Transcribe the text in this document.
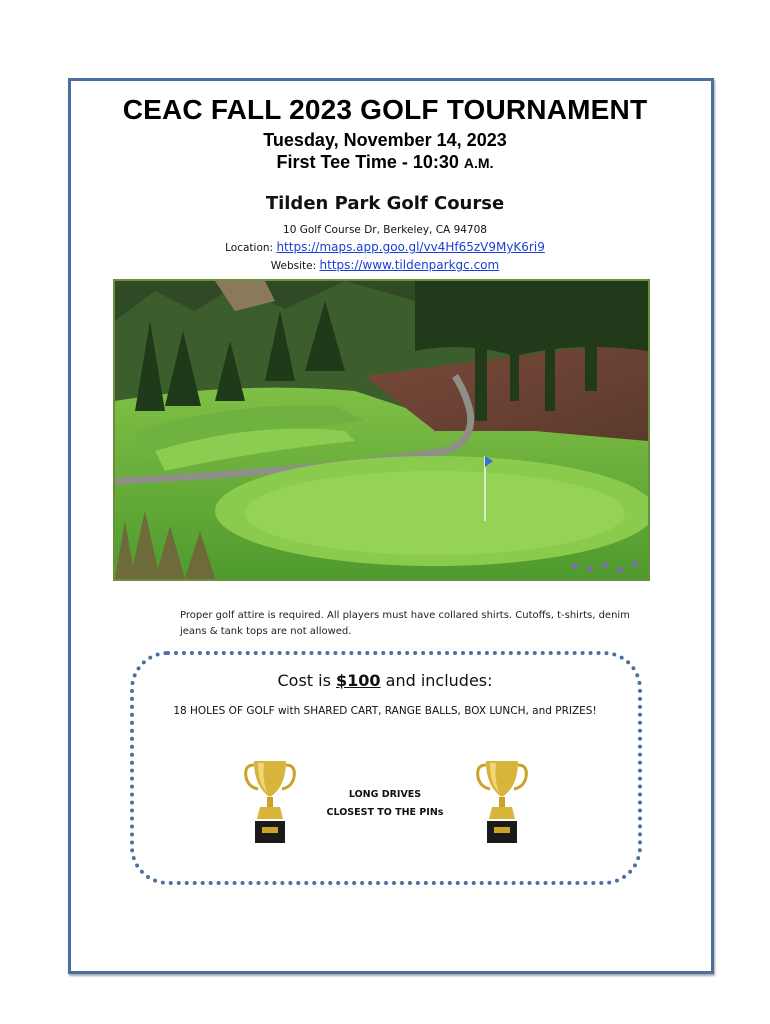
CEAC FALL 2023 GOLF TOURNAMENT
Tuesday, November 14, 2023
First Tee Time - 10:30 A.M.
Tilden Park Golf Course
10 Golf Course Dr, Berkeley, CA 94708
Location: https://maps.app.goo.gl/vv4Hf65zV9MyK6ri9
Website: https://www.tildenparkgc.com
Proper golf attire is required. All players must have collared shirts. Cutoffs, t-shirts, denim jeans & tank tops are not allowed.
Cost is $100 and includes:
18 HOLES OF GOLF with SHARED CART, RANGE BALLS, BOX LUNCH, and PRIZES!
LONG DRIVES
CLOSEST TO THE PINs
